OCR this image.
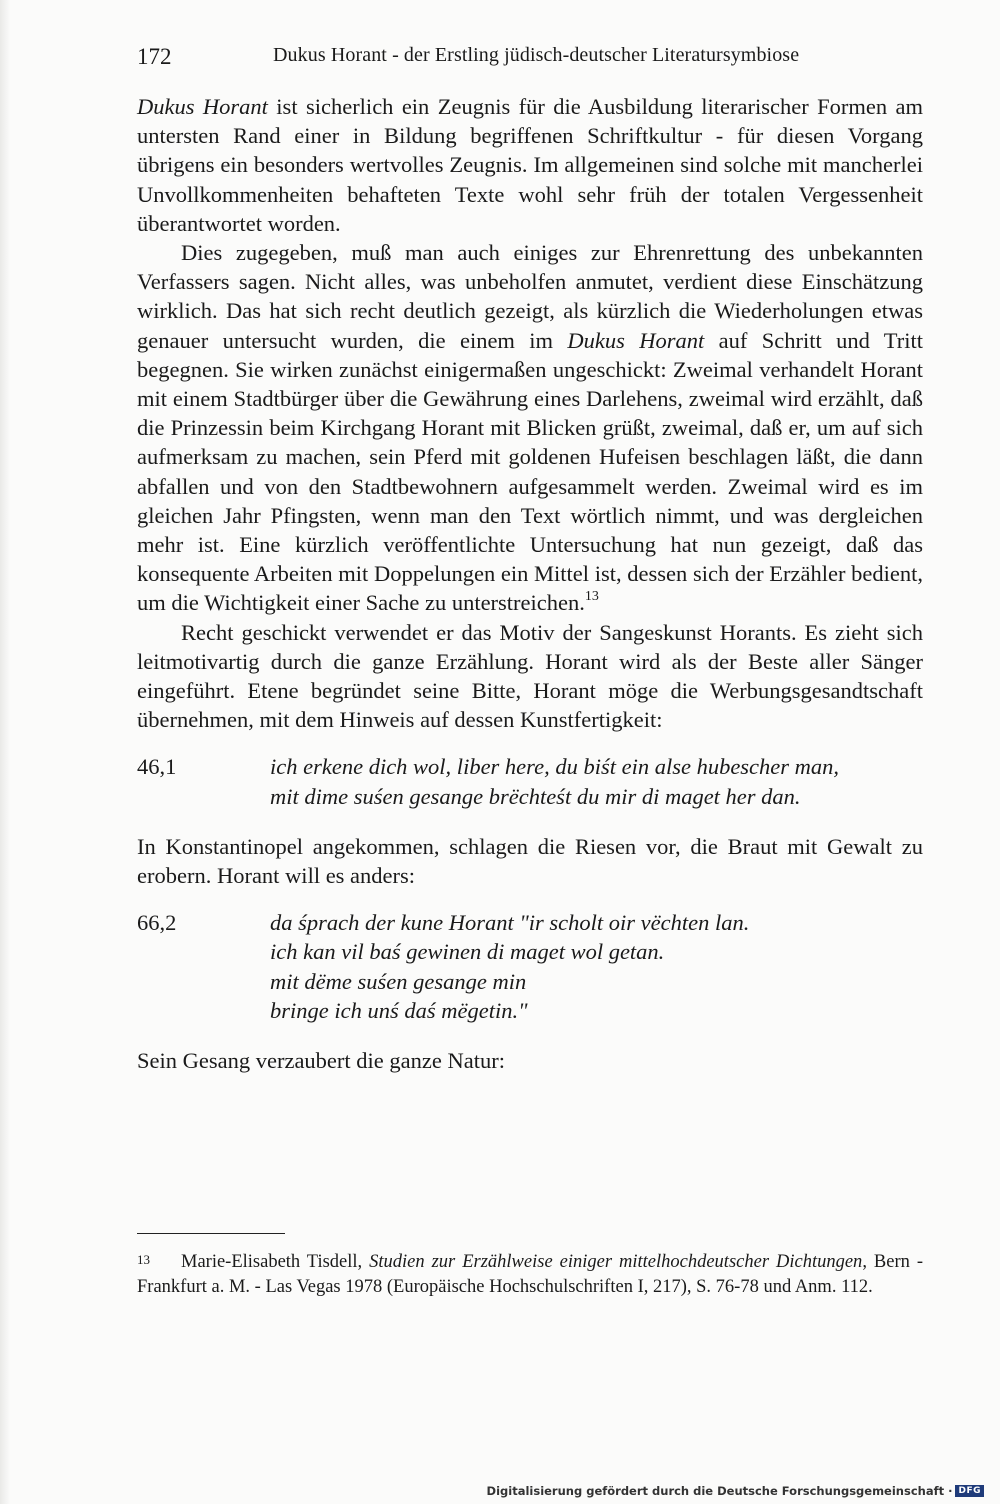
172	Dukus Horant - der Erstling jüdisch-deutscher Literatursymbiose

Dukus Horant ist sicherlich ein Zeugnis für die Ausbildung literarischer Formen am untersten Rand einer in Bildung begriffenen Schriftkultur - für diesen Vorgang übrigens ein besonders wertvolles Zeugnis. Im allgemeinen sind solche mit mancherlei Unvollkommenheiten behafteten Texte wohl sehr früh der totalen Vergessenheit überantwortet worden.

Dies zugegeben, muß man auch einiges zur Ehrenrettung des unbekannten Verfassers sagen. Nicht alles, was unbeholfen anmutet, verdient diese Einschätzung wirklich. Das hat sich recht deutlich gezeigt, als kürzlich die Wiederholungen etwas genauer untersucht wurden, die einem im Dukus Horant auf Schritt und Tritt begegnen. Sie wirken zunächst einigermaßen ungeschickt: Zweimal verhandelt Horant mit einem Stadtbürger über die Gewährung eines Darlehens, zweimal wird erzählt, daß die Prinzessin beim Kirchgang Horant mit Blicken grüßt, zweimal, daß er, um auf sich aufmerksam zu machen, sein Pferd mit goldenen Hufeisen beschlagen läßt, die dann abfallen und von den Stadtbewohnern aufgesammelt werden. Zweimal wird es im gleichen Jahr Pfingsten, wenn man den Text wörtlich nimmt, und was dergleichen mehr ist. Eine kürzlich veröffentlichte Untersuchung hat nun gezeigt, daß das konsequente Arbeiten mit Doppelungen ein Mittel ist, dessen sich der Erzähler bedient, um die Wichtigkeit einer Sache zu unterstreichen.$^{13}$

Recht geschickt verwendet er das Motiv der Sangeskunst Horants. Es zieht sich leitmotivartig durch die ganze Erzählung. Horant wird als der Beste aller Sänger eingeführt. Etene begründet seine Bitte, Horant möge die Werbungsgesandtschaft übernehmen, mit dem Hinweis auf dessen Kunstfertigkeit:

46,1	ich erkene dich wol, liber here, du biśt ein alse hubescher man,
mit dime suśen gesange brëchteśt du mir di maget her dan.

In Konstantinopel angekommen, schlagen die Riesen vor, die Braut mit Gewalt zu erobern. Horant will es anders:

66,2	da śprach der kune Horant "ir scholt oir vëchten lan.
ich kan vil baś gewinen di maget wol getan.
mit dëme suśen gesange min
bringe ich unś daś mëgetin."

Sein Gesang verzaubert die ganze Natur:

13	Marie-Elisabeth Tisdell, Studien zur Erzählweise einiger mittelhochdeutscher Dichtungen, Bern - Frankfurt a. M. - Las Vegas 1978 (Europäische Hochschulschriften I, 217), S. 76-78 und Anm. 112.
Digitalisierung gefördert durch die Deutsche Forschungsgemeinschaft · DFG
